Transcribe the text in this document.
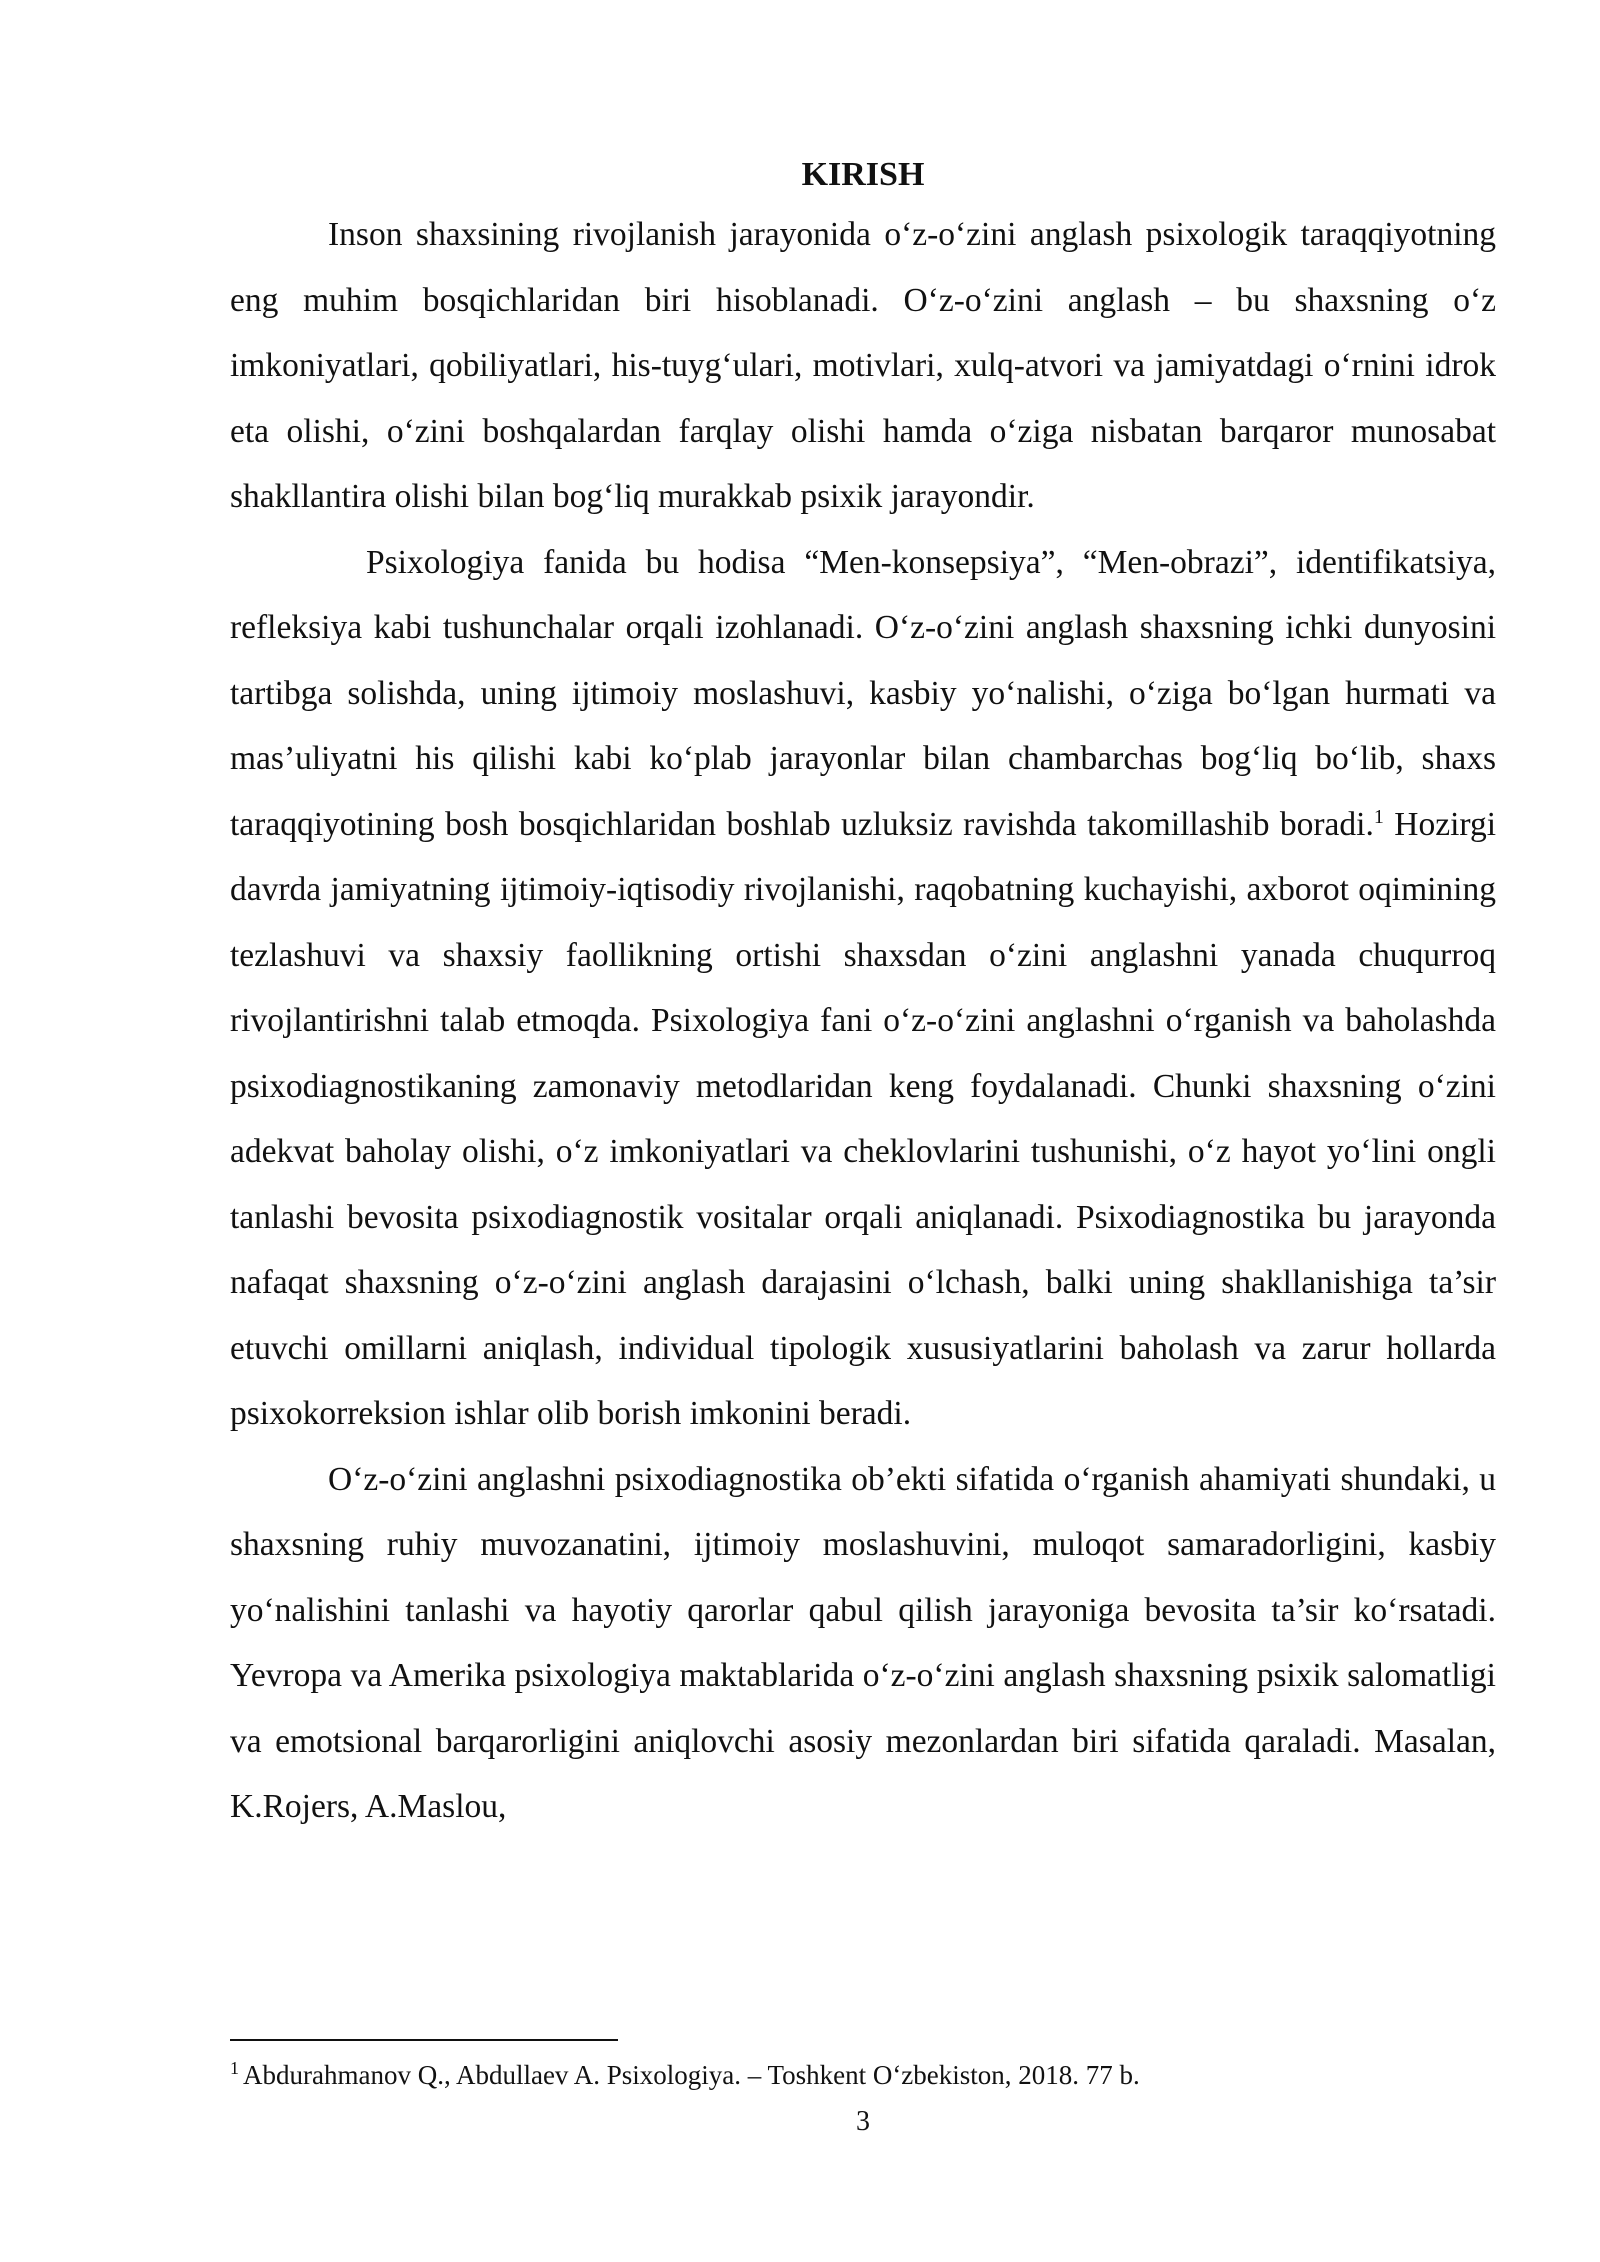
KIRISH

Inson shaxsining rivojlanish jarayonida o‘z-o‘zini anglash psixologik taraqqiyotning eng muhim bosqichlaridan biri hisoblanadi. O‘z-o‘zini anglash – bu shaxsning o‘z imkoniyatlari, qobiliyatlari, his-tuyg‘ulari, motivlari, xulq-atvori va jamiyatdagi o‘rnini idrok eta olishi, o‘zini boshqalardan farqlay olishi hamda o‘ziga nisbatan barqaror munosabat shakllantira olishi bilan bog‘liq murakkab psixik jarayondir.

Psixologiya fanida bu hodisa “Men-konsepsiya”, “Men-obrazi”, identifikatsiya, refleksiya kabi tushunchalar orqali izohlanadi. O‘z-o‘zini anglash shaxsning ichki dunyosini tartibga solishda, uning ijtimoiy moslashuvi, kasbiy yo‘nalishi, o‘ziga bo‘lgan hurmati va mas’uliyatni his qilishi kabi ko‘plab jarayonlar bilan chambarchas bog‘liq bo‘lib, shaxs taraqqiyotining bosh bosqichlaridan boshlab uzluksiz ravishda takomillashib boradi.$^1$ Hozirgi davrda jamiyatning ijtimoiy-iqtisodiy rivojlanishi, raqobatning kuchayishi, axborot oqimining tezlashuvi va shaxsiy faollikning ortishi shaxsdan o‘zini anglashni yanada chuqurroq rivojlantirishni talab etmoqda. Psixologiya fani o‘z-o‘zini anglashni o‘rganish va baholashda psixodiagnostikaning zamonaviy metodlaridan keng foydalanadi. Chunki shaxsning o‘zini adekvat baholay olishi, o‘z imkoniyatlari va cheklovlarini tushunishi, o‘z hayot yo‘lini ongli tanlashi bevosita psixodiagnostik vositalar orqali aniqlanadi. Psixodiagnostika bu jarayonda nafaqat shaxsning o‘z-o‘zini anglash darajasini o‘lchash, balki uning shakllanishiga ta’sir etuvchi omillarni aniqlash, individual tipologik xususiyatlarini baholash va zarur hollarda psixokorreksion ishlar olib borish imkonini beradi.

O‘z-o‘zini anglashni psixodiagnostika ob’ekti sifatida o‘rganish ahamiyati shundaki, u shaxsning ruhiy muvozanatini, ijtimoiy moslashuvini, muloqot samaradorligini, kasbiy yo‘nalishini tanlashi va hayotiy qarorlar qabul qilish jarayoniga bevosita ta’sir ko‘rsatadi. Yevropa va Amerika psixologiya maktablarida o‘z-o‘zini anglash shaxsning psixik salomatligi va emotsional barqarorligini aniqlovchi asosiy mezonlardan biri sifatida qaraladi. Masalan, K.Rojers, A.Maslou,

$^1$ Abdurahmanov Q., Abdullaev A. Psixologiya. – Toshkent O‘zbekiston, 2018. 77 b.

3
